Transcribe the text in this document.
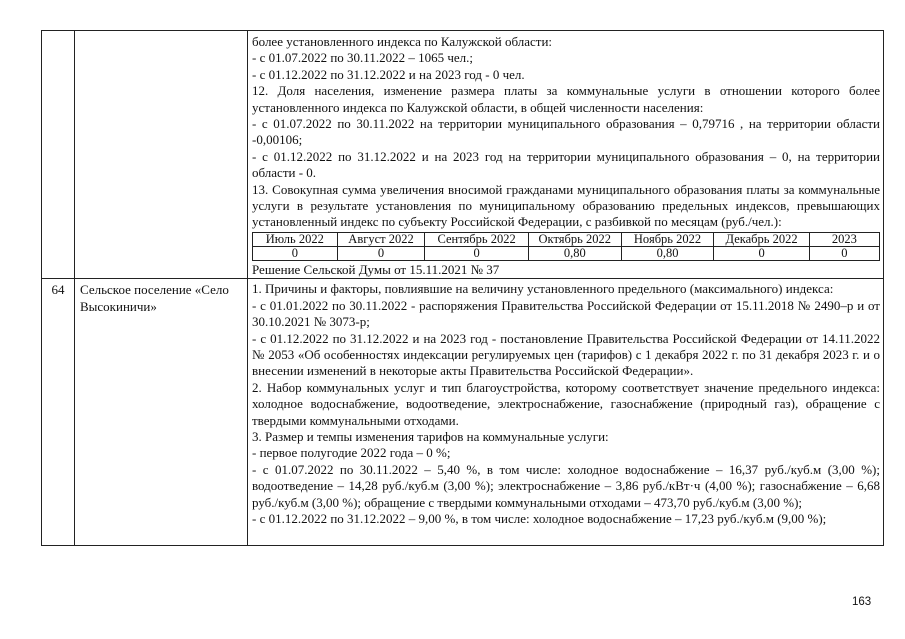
более установленного индекса по Калужской области:

- с 01.07.2022 по 30.11.2022 – 1065 чел.;

- с 01.12.2022 по 31.12.2022 и на 2023 год - 0 чел.

12. Доля населения, изменение размера платы за коммунальные услуги в отношении которого более установленного индекса по Калужской области, в общей численности населения:

- с 01.07.2022 по 30.11.2022 на территории муниципального образования – 0,79716 , на территории области -0,00106;

- с 01.12.2022 по 31.12.2022 и на 2023 год на территории муниципального образования – 0, на территории области - 0.

13. Совокупная сумма увеличения вносимой гражданами муниципального образования платы за коммунальные услуги в результате установления по муниципальному образованию предельных индексов, превышающих установленный индекс по субъекту Российской Федерации, с разбивкой по месяцам (руб./чел.):

Июль 2022	Август 2022	Сентябрь 2022	Октябрь 2022	Ноябрь 2022	Декабрь 2022	2023
0	0	0	0,80	0,80	0	0

Решение Сельской Думы от 15.11.2021 № 37

64	Сельское поселение «Село Высокиничи»	

1. Причины и факторы, повлиявшие на величину установленного предельного (максимального) индекса:

- с 01.01.2022 по 30.11.2022 - распоряжения Правительства Российской Федерации от 15.11.2018 № 2490–р и от 30.10.2021 № 3073-р;

- с 01.12.2022 по 31.12.2022 и на 2023 год - постановление Правительства Российской Федерации от 14.11.2022 № 2053 «Об особенностях индексации регулируемых цен (тарифов) с 1 декабря 2022 г. по 31 декабря 2023 г. и о внесении изменений в некоторые акты Правительства Российской Федерации».

2. Набор коммунальных услуг и тип благоустройства, которому соответствует значение предельного индекса: холодное водоснабжение, водоотведение, электроснабжение, газоснабжение (природный газ), обращение с твердыми коммунальными отходами.

3. Размер и темпы изменения тарифов на коммунальные услуги:

- первое полугодие 2022 года – 0 %;

- с 01.07.2022 по 30.11.2022 – 5,40 %, в том числе: холодное водоснабжение – 16,37 руб./куб.м (3,00 %); водоотведение – 14,28 руб./куб.м (3,00 %); электроснабжение – 3,86 руб./кВт·ч (4,00 %); газоснабжение – 6,68 руб./куб.м (3,00 %); обращение с твердыми коммунальными отходами – 473,70 руб./куб.м (3,00 %);

- с 01.12.2022 по 31.12.2022 – 9,00 %, в том числе: холодное водоснабжение – 17,23 руб./куб.м (9,00 %);

163
